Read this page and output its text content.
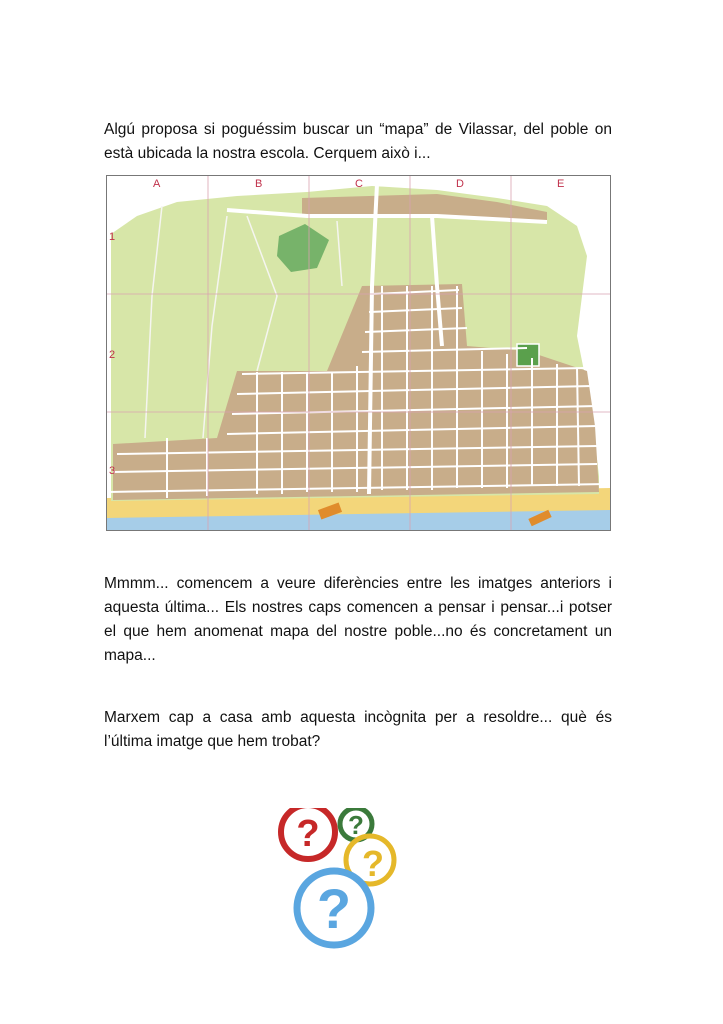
Algú proposa si poguéssim buscar un “mapa” de Vilassar, del poble on està ubicada la nostra escola. Cerquem això i...

A	B	C	D	E
1
2
3

Mmmm... comencem a veure diferències entre les imatges anteriors i aquesta última... Els nostres caps comencen a pensar i pensar...i potser el que hem anomenat mapa del nostre poble...no és concretament un mapa...

Marxem cap a casa amb aquesta incògnita per a resoldre... què és l’última imatge que hem trobat?

? ?
?
?
